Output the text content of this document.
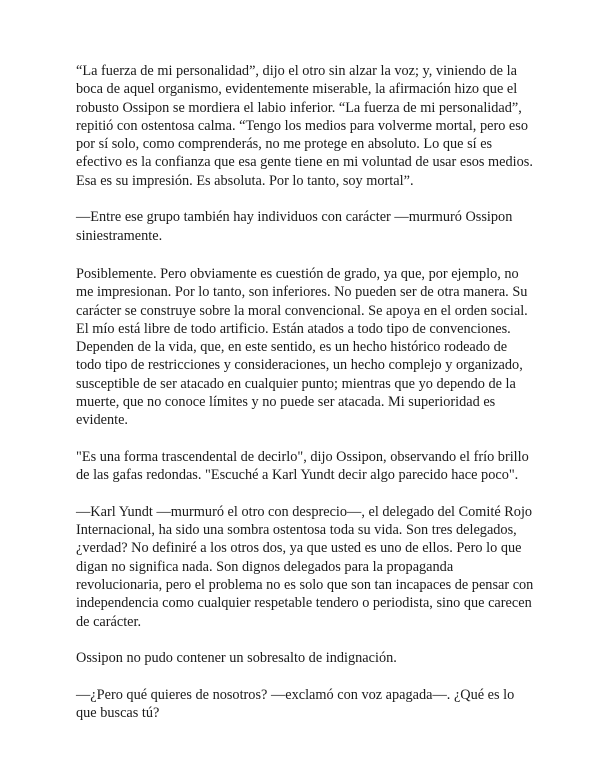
“La fuerza de mi personalidad”, dijo el otro sin alzar la voz; y, viniendo de la boca de aquel organismo, evidentemente miserable, la afirmación hizo que el robusto Ossipon se mordiera el labio inferior. “La fuerza de mi personalidad”, repitió con ostentosa calma. “Tengo los medios para volverme mortal, pero eso por sí solo, como comprenderás, no me protege en absoluto. Lo que sí es efectivo es la confianza que esa gente tiene en mi voluntad de usar esos medios. Esa es su impresión. Es absoluta. Por lo tanto, soy mortal”.

—Entre ese grupo también hay individuos con carácter —murmuró Ossipon siniestramente.

Posiblemente. Pero obviamente es cuestión de grado, ya que, por ejemplo, no me impresionan. Por lo tanto, son inferiores. No pueden ser de otra manera. Su carácter se construye sobre la moral convencional. Se apoya en el orden social. El mío está libre de todo artificio. Están atados a todo tipo de convenciones. Dependen de la vida, que, en este sentido, es un hecho histórico rodeado de todo tipo de restricciones y consideraciones, un hecho complejo y organizado, susceptible de ser atacado en cualquier punto; mientras que yo dependo de la muerte, que no conoce límites y no puede ser atacada. Mi superioridad es evidente.

"Es una forma trascendental de decirlo", dijo Ossipon, observando el frío brillo de las gafas redondas. "Escuché a Karl Yundt decir algo parecido hace poco".

—Karl Yundt —murmuró el otro con desprecio—, el delegado del Comité Rojo Internacional, ha sido una sombra ostentosa toda su vida. Son tres delegados, ¿verdad? No definiré a los otros dos, ya que usted es uno de ellos. Pero lo que digan no significa nada. Son dignos delegados para la propaganda revolucionaria, pero el problema no es solo que son tan incapaces de pensar con independencia como cualquier respetable tendero o periodista, sino que carecen de carácter.

Ossipon no pudo contener un sobresalto de indignación.

—¿Pero qué quieres de nosotros? —exclamó con voz apagada—. ¿Qué es lo que buscas tú?
